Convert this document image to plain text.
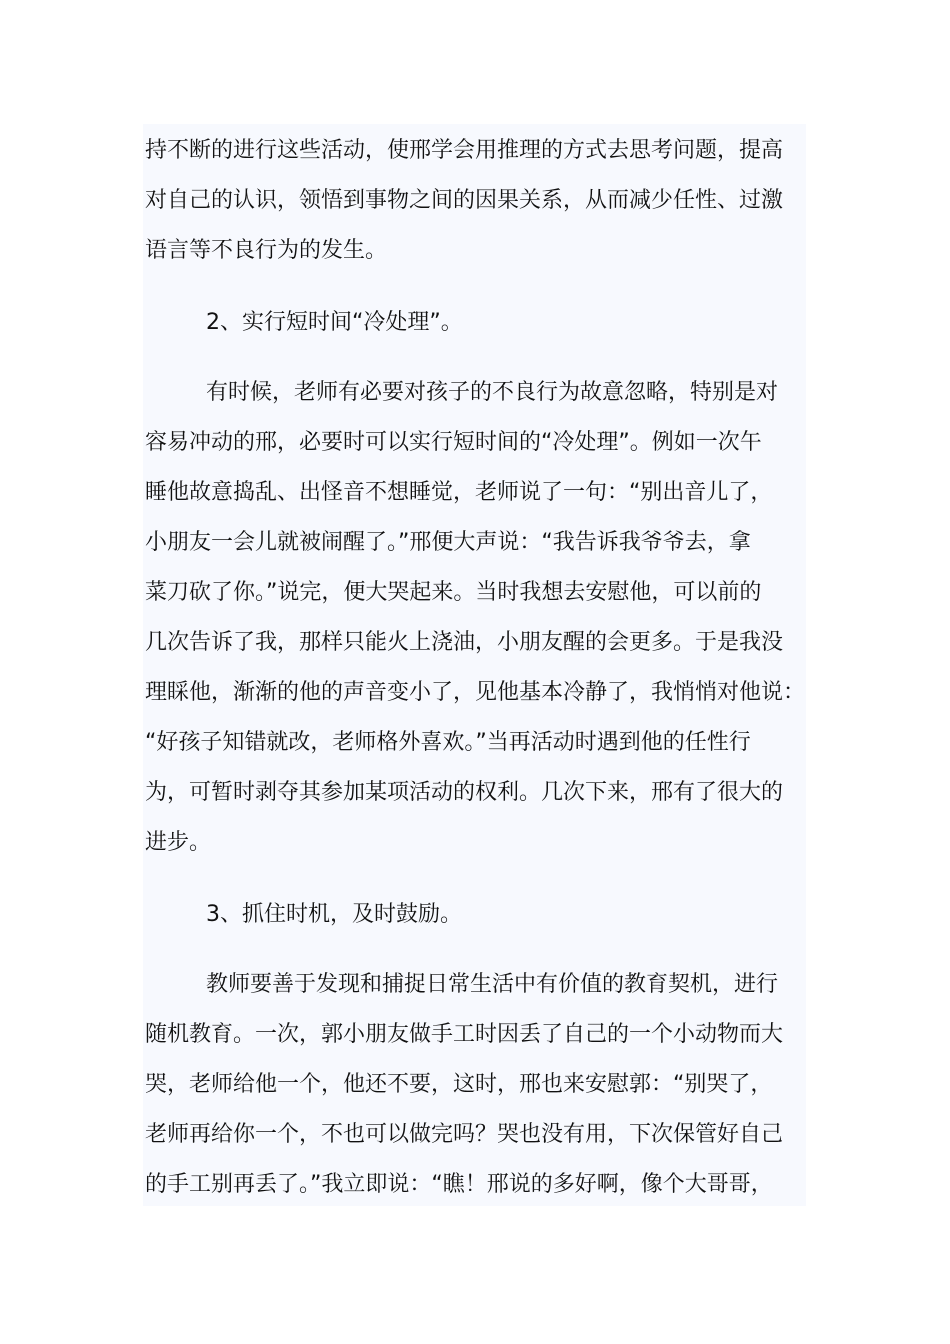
持不断的进行这些活动，使邢学会用推理的方式去思考问题，提高
对自己的认识，领悟到事物之间的因果关系，从而减少任性、过激
语言等不良行为的发生。
2、实行短时间“冷处理”。
有时候，老师有必要对孩子的不良行为故意忽略，特别是对
容易冲动的邢，必要时可以实行短时间的“冷处理”。例如一次午
睡他故意捣乱、出怪音不想睡觉，老师说了一句：“别出音儿了，
小朋友一会儿就被闹醒了。”邢便大声说：“我告诉我爷爷去，拿
菜刀砍了你。”说完，便大哭起来。当时我想去安慰他，可以前的
几次告诉了我，那样只能火上浇油，小朋友醒的会更多。于是我没
理睬他，渐渐的他的声音变小了，见他基本冷静了，我悄悄对他说：
“好孩子知错就改，老师格外喜欢。”当再活动时遇到他的任性行
为，可暂时剥夺其参加某项活动的权利。几次下来，邢有了很大的
进步。
3、抓住时机，及时鼓励。
教师要善于发现和捕捉日常生活中有价值的教育契机，进行
随机教育。一次，郭小朋友做手工时因丢了自己的一个小动物而大
哭，老师给他一个，他还不要，这时，邢也来安慰郭：“别哭了，
老师再给你一个，不也可以做完吗？哭也没有用，下次保管好自己
的手工别再丢了。”我立即说：“瞧！邢说的多好啊，像个大哥哥，
